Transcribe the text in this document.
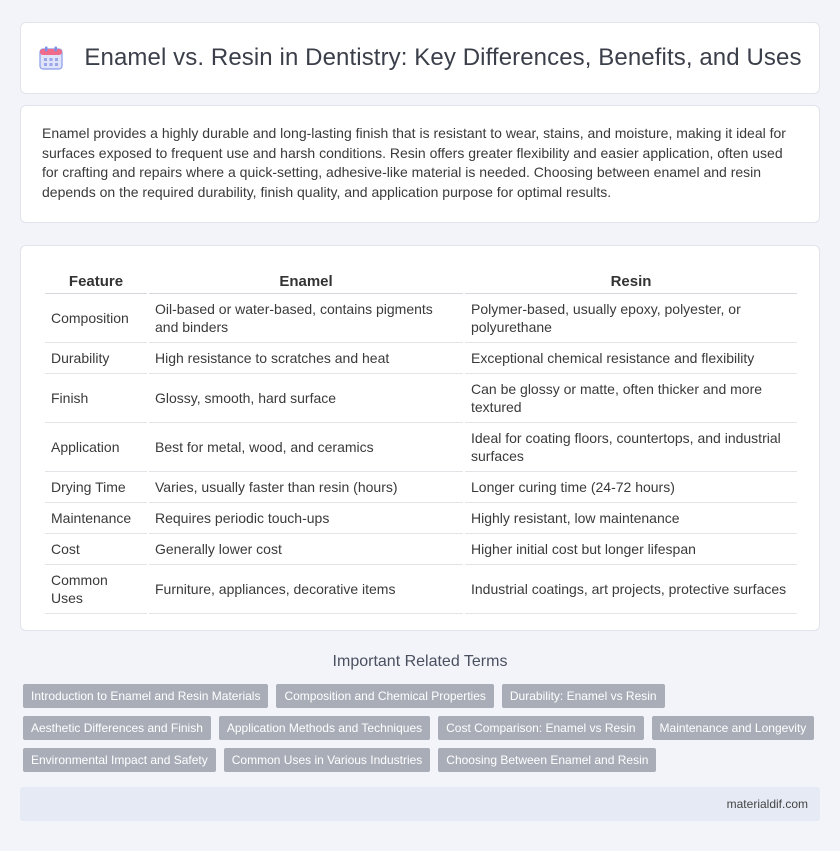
Enamel vs. Resin in Dentistry: Key Differences, Benefits, and Uses

Enamel provides a highly durable and long-lasting finish that is resistant to wear, stains, and moisture, making it ideal for surfaces exposed to frequent use and harsh conditions. Resin offers greater flexibility and easier application, often used for crafting and repairs where a quick-setting, adhesive-like material is needed. Choosing between enamel and resin depends on the required durability, finish quality, and application purpose for optimal results.

Feature	Enamel	Resin
Composition	Oil-based or water-based, contains pigments and binders	Polymer-based, usually epoxy, polyester, or polyurethane
Durability	High resistance to scratches and heat	Exceptional chemical resistance and flexibility
Finish	Glossy, smooth, hard surface	Can be glossy or matte, often thicker and more textured
Application	Best for metal, wood, and ceramics	Ideal for coating floors, countertops, and industrial surfaces
Drying Time	Varies, usually faster than resin (hours)	Longer curing time (24-72 hours)
Maintenance	Requires periodic touch-ups	Highly resistant, low maintenance
Cost	Generally lower cost	Higher initial cost but longer lifespan
Common Uses	Furniture, appliances, decorative items	Industrial coatings, art projects, protective surfaces
Important Related Terms
Introduction to Enamel and Resin Materials	Composition and Chemical Properties	Durability: Enamel vs Resin
Aesthetic Differences and Finish	Application Methods and Techniques	Cost Comparison: Enamel vs Resin	Maintenance and Longevity
Environmental Impact and Safety	Common Uses in Various Industries	Choosing Between Enamel and Resin
materialdif.com
